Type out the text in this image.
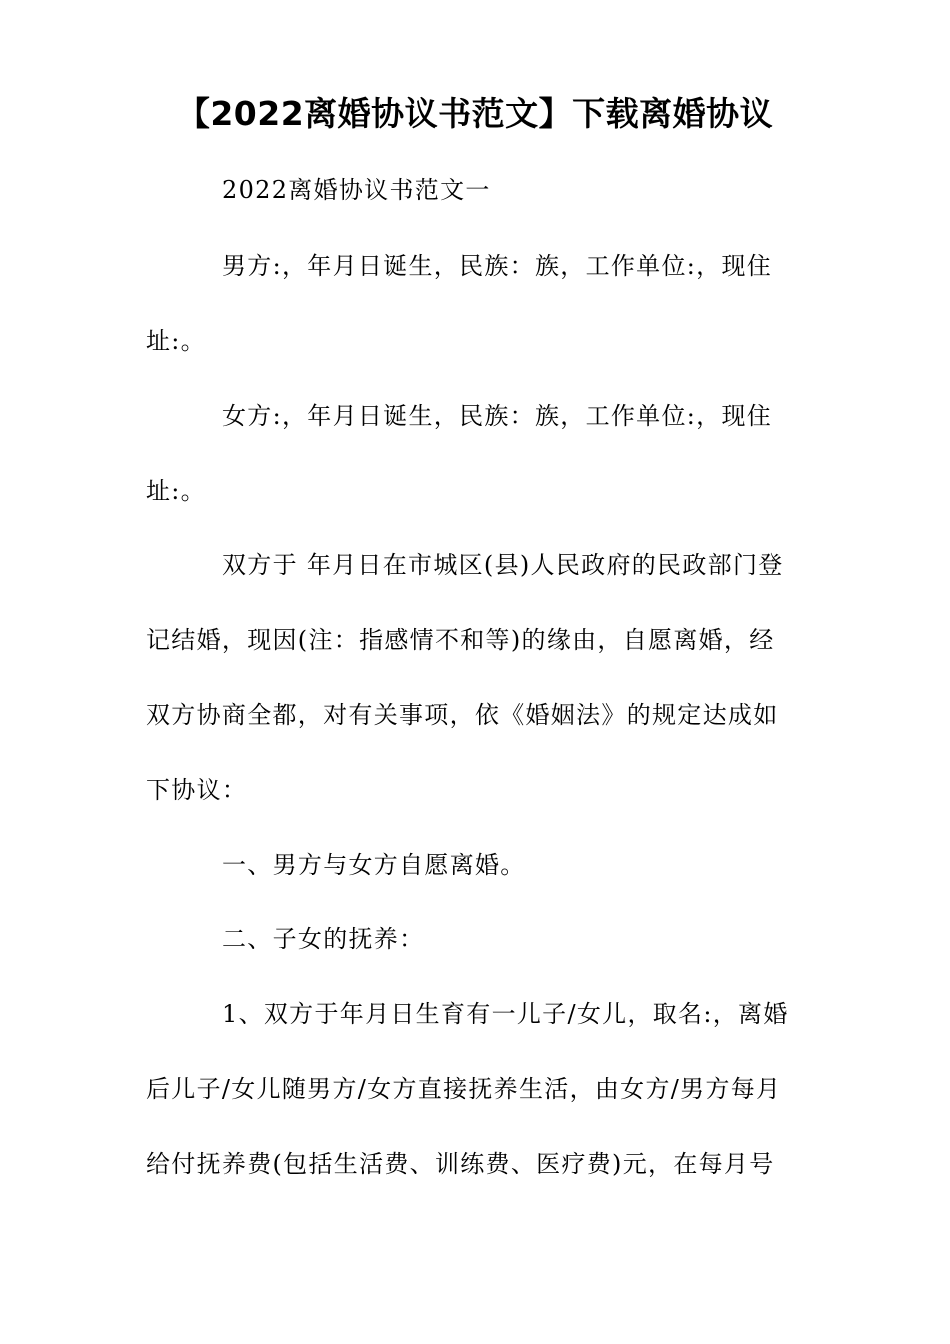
【2022离婚协议书范文】下载离婚协议
2022离婚协议书范文一
男方:，年月日诞生，民族：族，工作单位:，现住
址:。
女方:，年月日诞生，民族：族，工作单位:，现住
址:。
双方于 年月日在市城区(县)人民政府的民政部门登
记结婚，现因(注：指感情不和等)的缘由，自愿离婚，经
双方协商全都，对有关事项，依《婚姻法》的规定达成如
下协议：
一、男方与女方自愿离婚。
二、子女的抚养：
1、双方于年月日生育有一儿子/女儿，取名:，离婚
后儿子/女儿随男方/女方直接抚养生活，由女方/男方每月
给付抚养费(包括生活费、训练费、医疗费)元，在每月号
